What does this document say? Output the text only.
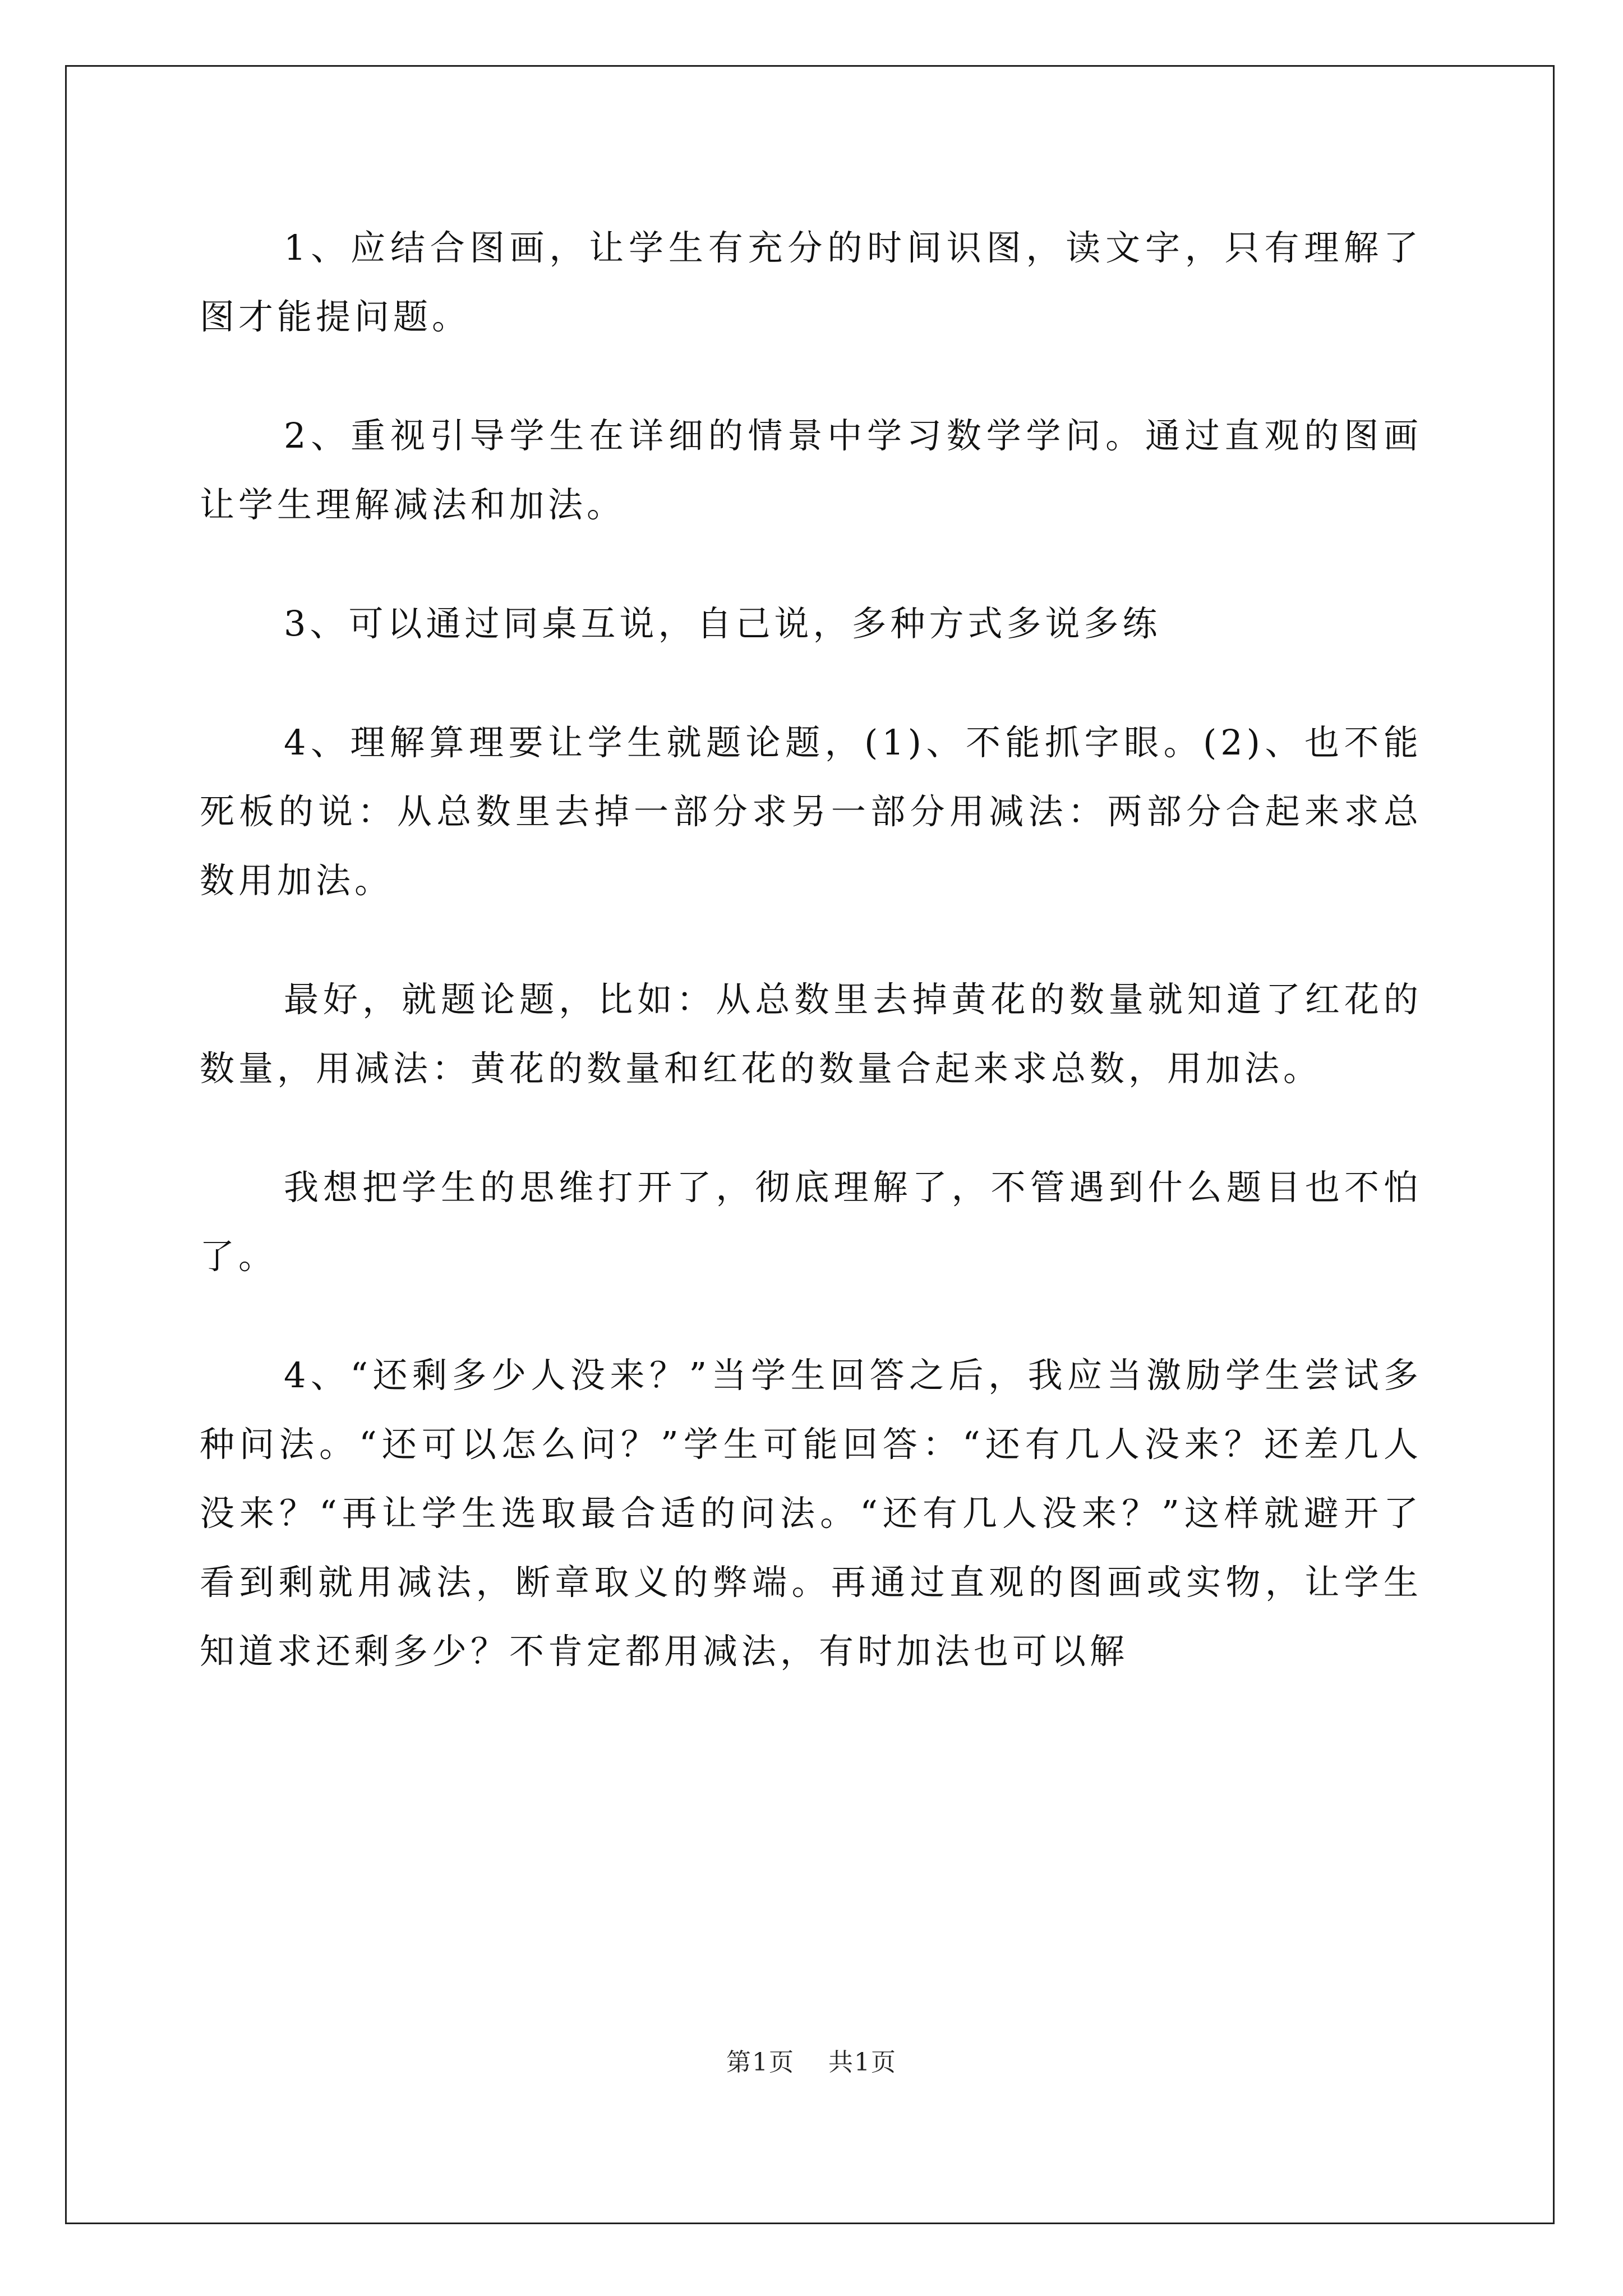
1、应结合图画，让学生有充分的时间识图，读文字，只有理解了图才能提问题。

2、重视引导学生在详细的情景中学习数学学问。通过直观的图画让学生理解减法和加法。

3、可以通过同桌互说，自己说，多种方式多说多练

4、理解算理要让学生就题论题，(1)、不能抓字眼。(2)、也不能死板的说：从总数里去掉一部分求另一部分用减法：两部分合起来求总数用加法。

最好，就题论题，比如：从总数里去掉黄花的数量就知道了红花的数量，用减法：黄花的数量和红花的数量合起来求总数，用加法。

我想把学生的思维打开了，彻底理解了，不管遇到什么题目也不怕了。

4、“还剩多少人没来？”当学生回答之后，我应当激励学生尝试多种问法。“还可以怎么问？”学生可能回答：“还有几人没来？还差几人没来？“再让学生选取最合适的问法。“还有几人没来？”这样就避开了看到剩就用减法，断章取义的弊端。再通过直观的图画或实物，让学生知道求还剩多少？不肯定都用减法，有时加法也可以解

第1页 共1页
